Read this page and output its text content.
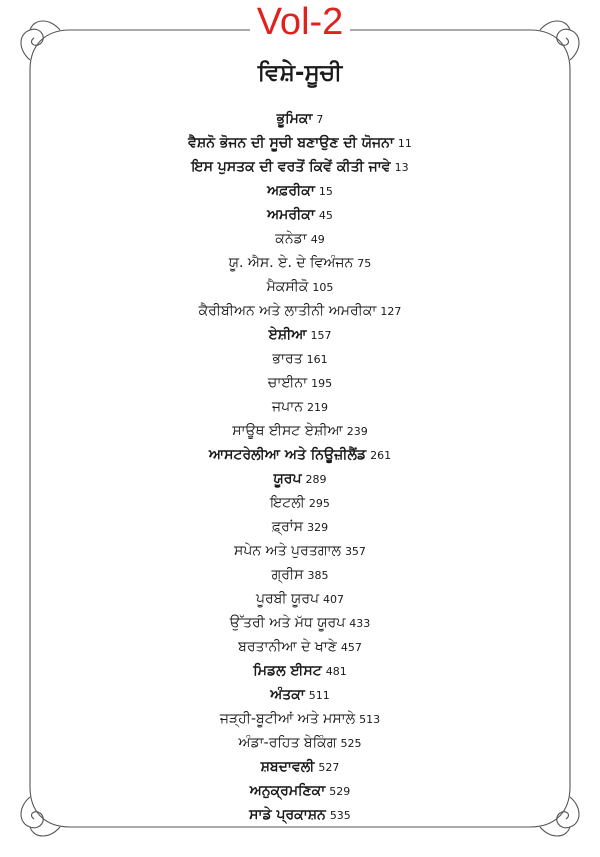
Vol-2
ਵਿਸ਼ੇ-ਸੂਚੀ
ਭੂਮਿਕਾ 7
ਵੈਸ਼ਨੋ ਭੋਜਨ ਦੀ ਸੂਚੀ ਬਣਾਉਣ ਦੀ ਯੋਜਨਾ 11
ਇਸ ਪੁਸਤਕ ਦੀ ਵਰਤੋਂ ਕਿਵੇਂ ਕੀਤੀ ਜਾਵੇ 13
ਅਫ਼ਰੀਕਾ 15
ਅਮਰੀਕਾ 45
ਕਨੇਡਾ 49
ਯੂ. ਐਸ. ਏ. ਦੇ ਵਿਅੰਜਨ 75
ਮੈਕਸੀਕੋ 105
ਕੈਰੀਬੀਅਨ ਅਤੇ ਲਾਤੀਨੀ ਅਮਰੀਕਾ 127
ਏਸ਼ੀਆ 157
ਭਾਰਤ 161
ਚਾਈਨਾ 195
ਜਪਾਨ 219
ਸਾਊਥ ਈਸਟ ਏਸ਼ੀਆ 239
ਆਸਟਰੇਲੀਆ ਅਤੇ ਨਿਊਜ਼ੀਲੈਂਡ 261
ਯੂਰਪ 289
ਇਟਲੀ 295
ਫ਼੍ਰਾਂਸ 329
ਸਪੇਨ ਅਤੇ ਪੁਰਤਗਾਲ 357
ਗ੍ਰੀਸ 385
ਪੂਰਬੀ ਯੂਰਪ 407
ਉੱਤਰੀ ਅਤੇ ਮੱਧ ਯੂਰਪ 433
ਬਰਤਾਨੀਆ ਦੇ ਖਾਣੇ 457
ਮਿਡਲ ਈਸਟ 481
ਅੰਤਕਾ 511
ਜੜ੍ਹੀ-ਬੂਟੀਆਂ ਅਤੇ ਮਸਾਲੇ 513
ਅੰਡਾ-ਰਹਿਤ ਬੇਕਿੰਗ 525
ਸ਼ਬਦਾਵਲੀ 527
ਅਨੁਕ੍ਰਮਣਿਕਾ 529
ਸਾਡੇ ਪ੍ਰਕਾਸ਼ਨ 535
